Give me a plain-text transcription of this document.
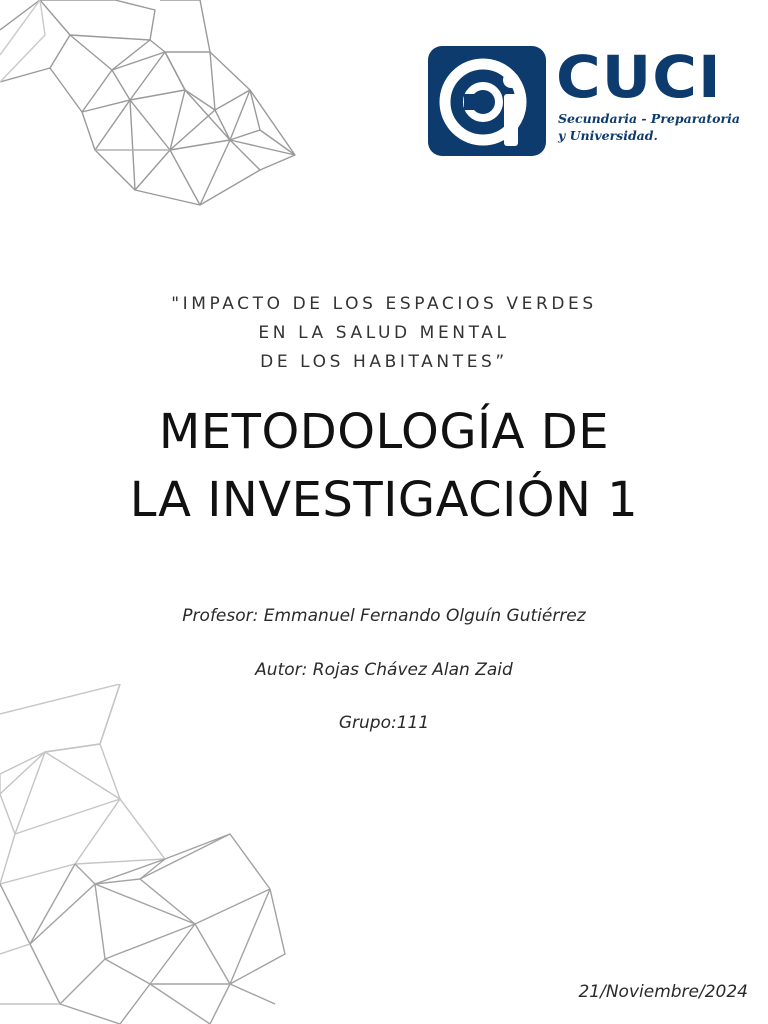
CUCI
Secundaria - Preparatoria y Universidad.
"IMPACTO DE LOS ESPACIOS VERDES
EN LA SALUD MENTAL
DE LOS HABITANTES”
METODOLOGÍA DE
LA INVESTIGACIÓN 1
Profesor: Emmanuel Fernando Olguín Gutiérrez
Autor: Rojas Chávez Alan Zaid
Grupo:111
21/Noviembre/2024
